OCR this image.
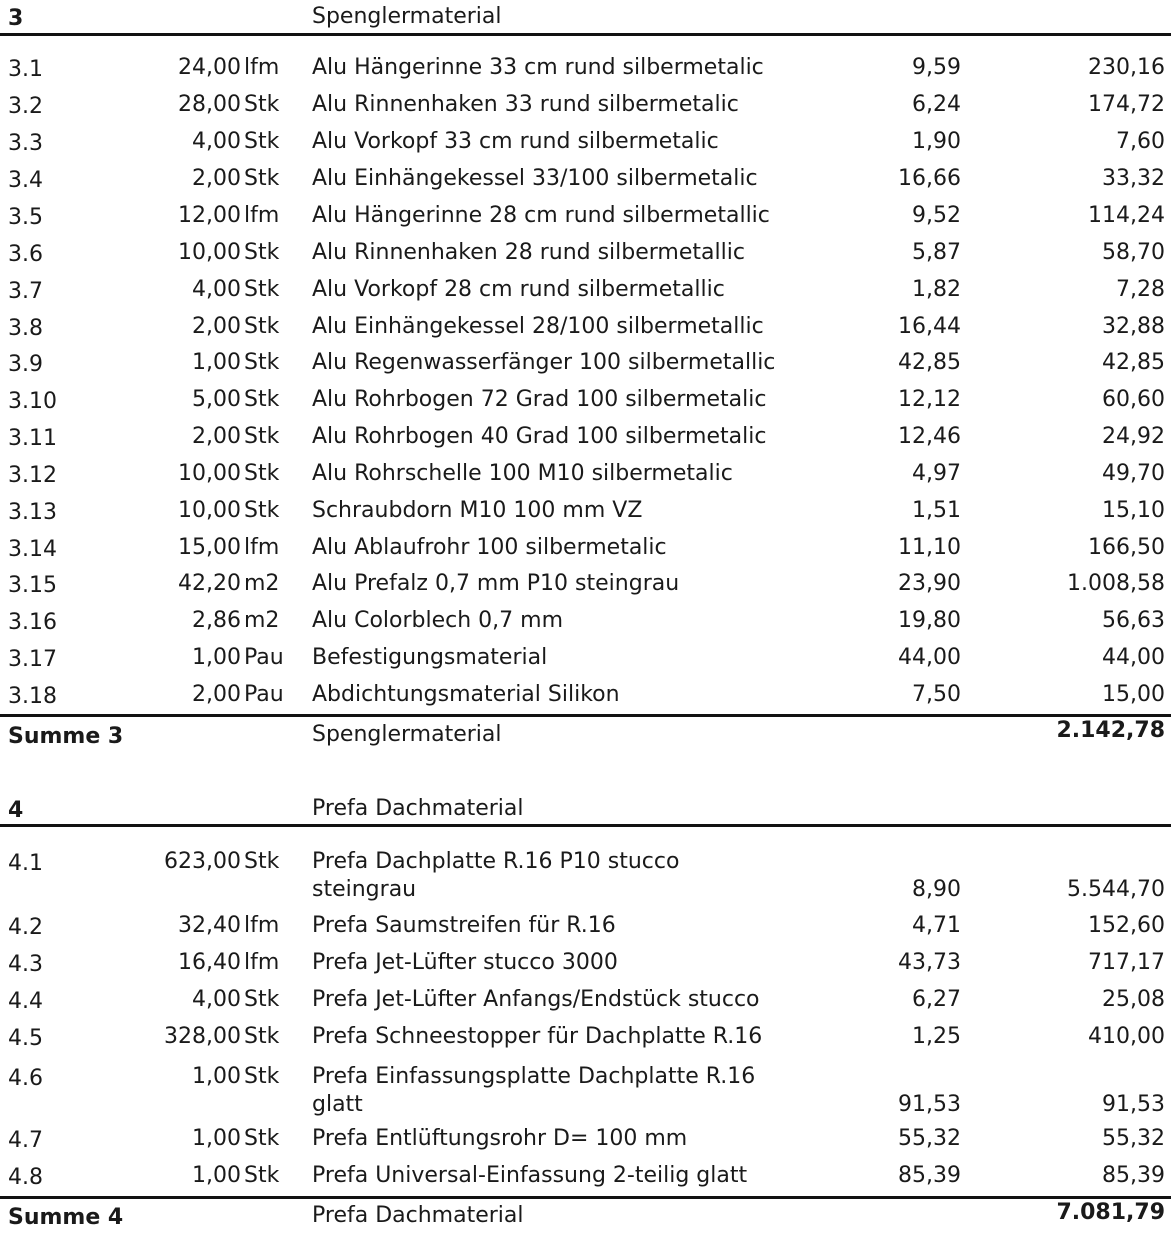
3	Spenglermaterial
3.1	24,00 lfm Alu Hängerinne 33 cm rund silbermetalic	9,59	230,16
3.2	28,00 Stk Alu Rinnenhaken 33 rund silbermetalic	6,24	174,72
3.3	4,00 Stk Alu Vorkopf 33 cm rund silbermetalic	1,90	7,60
3.4	2,00 Stk Alu Einhängekessel 33/100 silbermetalic	16,66	33,32
3.5	12,00 lfm Alu Hängerinne 28 cm rund silbermetallic	9,52	114,24
3.6	10,00 Stk Alu Rinnenhaken 28 rund silbermetallic	5,87	58,70
3.7	4,00 Stk Alu Vorkopf 28 cm rund silbermetallic	1,82	7,28
3.8	2,00 Stk Alu Einhängekessel 28/100 silbermetallic	16,44	32,88
3.9	1,00 Stk Alu Regenwasserfänger 100 silbermetallic	42,85	42,85
3.10	5,00 Stk Alu Rohrbogen 72 Grad 100 silbermetalic	12,12	60,60
3.11	2,00 Stk Alu Rohrbogen 40 Grad 100 silbermetalic	12,46	24,92
3.12	10,00 Stk Alu Rohrschelle 100 M10 silbermetalic	4,97	49,70
3.13	10,00 Stk Schraubdorn M10 100 mm VZ	1,51	15,10
3.14	15,00 lfm Alu Ablaufrohr 100 silbermetalic	11,10	166,50
3.15	42,20 m2 Alu Prefalz 0,7 mm P10 steingrau	23,90	1.008,58
3.16	2,86 m2 Alu Colorblech 0,7 mm	19,80	56,63
3.17	1,00 Pau Befestigungsmaterial	44,00	44,00
3.18	2,00 Pau Abdichtungsmaterial Silikon	7,50	15,00
Summe 3	Spenglermaterial	2.142,78
4	Prefa Dachmaterial
4.1	623,00 Stk Prefa Dachplatte R.16 P10 stucco
steingrau	8,90	5.544,70
4.2	32,40 lfm Prefa Saumstreifen für R.16	4,71	152,60
4.3	16,40 lfm Prefa Jet-Lüfter stucco 3000	43,73	717,17
4.4	4,00 Stk Prefa Jet-Lüfter Anfangs/Endstück stucco	6,27	25,08
4.5	328,00 Stk Prefa Schneestopper für Dachplatte R.16	1,25	410,00
4.6	1,00 Stk Prefa Einfassungsplatte Dachplatte R.16
glatt	91,53	91,53
4.7	1,00 Stk Prefa Entlüftungsrohr D= 100 mm	55,32	55,32
4.8	1,00 Stk Prefa Universal-Einfassung 2-teilig glatt	85,39	85,39
Summe 4	Prefa Dachmaterial	7.081,79
